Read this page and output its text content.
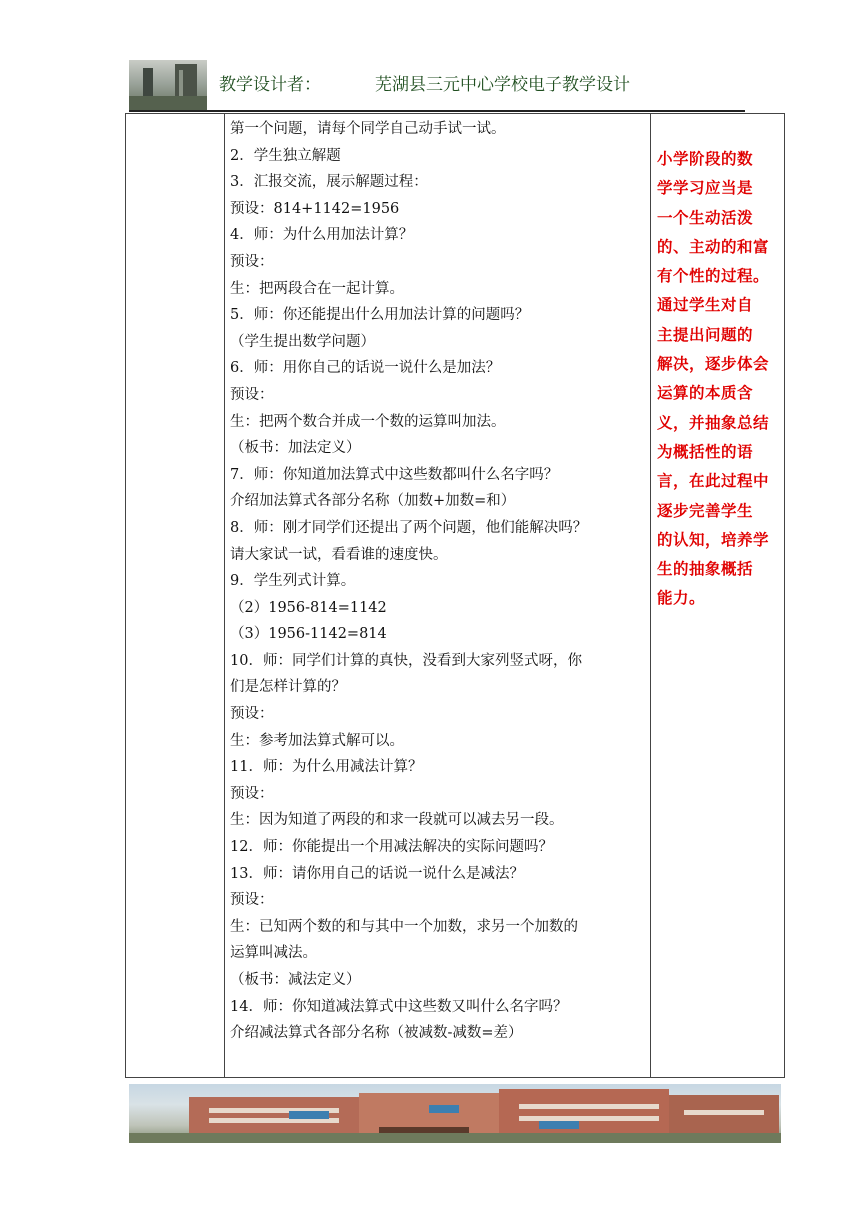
教学设计者：	芜湖县三元中心学校电子教学设计
第一个问题，请每个同学自己动手试一试。
2．学生独立解题
3．汇报交流，展示解题过程：
预设：814+1142=1956
4．师：为什么用加法计算？
预设：
生：把两段合在一起计算。
5．师：你还能提出什么用加法计算的问题吗？
（学生提出数学问题）
6．师：用你自己的话说一说什么是加法？
预设：
生：把两个数合并成一个数的运算叫加法。
（板书：加法定义）
7．师：你知道加法算式中这些数都叫什么名字吗？
介绍加法算式各部分名称（加数+加数=和）
8．师：刚才同学们还提出了两个问题，他们能解决吗？
请大家试一试，看看谁的速度快。
9．学生列式计算。
（2）1956-814=1142
（3）1956-1142=814
10．师：同学们计算的真快，没看到大家列竖式呀，你
们是怎样计算的？
预设：
生：参考加法算式解可以。
11．师：为什么用减法计算？
预设：
生：因为知道了两段的和求一段就可以减去另一段。
12．师：你能提出一个用减法解决的实际问题吗？
13．师：请你用自己的话说一说什么是减法？
预设：
生：已知两个数的和与其中一个加数，求另一个加数的
运算叫减法。
（板书：减法定义）
14．师：你知道减法算式中这些数又叫什么名字吗？
介绍减法算式各部分名称（被减数-减数=差）
小学阶段的数
学学习应当是
一个生动活泼
的、主动的和富
有个性的过程。
通过学生对自
主提出问题的
解决，逐步体会
运算的本质含
义，并抽象总结
为概括性的语
言，在此过程中
逐步完善学生
的认知，培养学
生的抽象概括
能力。
